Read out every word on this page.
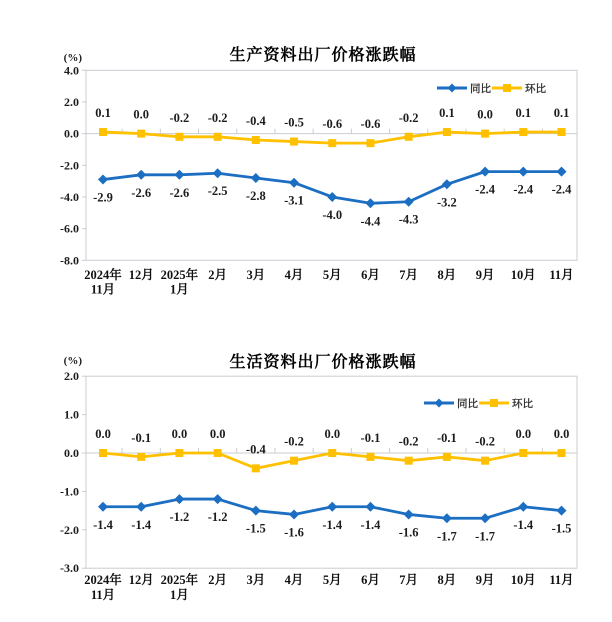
生产资料出厂价格涨跌幅
(%)
4.0
2.0
0.0
-2.0
-4.0
-6.0
-8.0
2024年
11月
12月 2025年
1月
2月 3月 4月 5月 6月 7月 8月 9月 10月 11月
-2.9 -2.6 -2.6 -2.5 -2.8 -3.1
-4.0 -4.4 -4.3
-3.2
-2.4 -2.4 -2.4
0.1 0.0 -0.2 -0.2 -0.4 -0.5 -0.6 -0.6 -0.2 0.1 0.0 0.1 0.1
同比	环比
生活资料出厂价格涨跌幅
(%)
2.0
1.0
0.0
-1.0
-2.0
-3.0
2024年
11月
12月 2025年
1月
2月 3月 4月 5月 6月 7月 8月 9月 10月 11月
-1.4 -1.4
-1.2 -1.2
-1.5 -1.6
-1.4 -1.4
-1.6 -1.7 -1.7
-1.4 -1.5
0.0 -0.1 0.0 0.0
-0.4
-0.2
0.0 -0.1 -0.2 -0.1 -0.2
0.0 0.0
同比	环比
